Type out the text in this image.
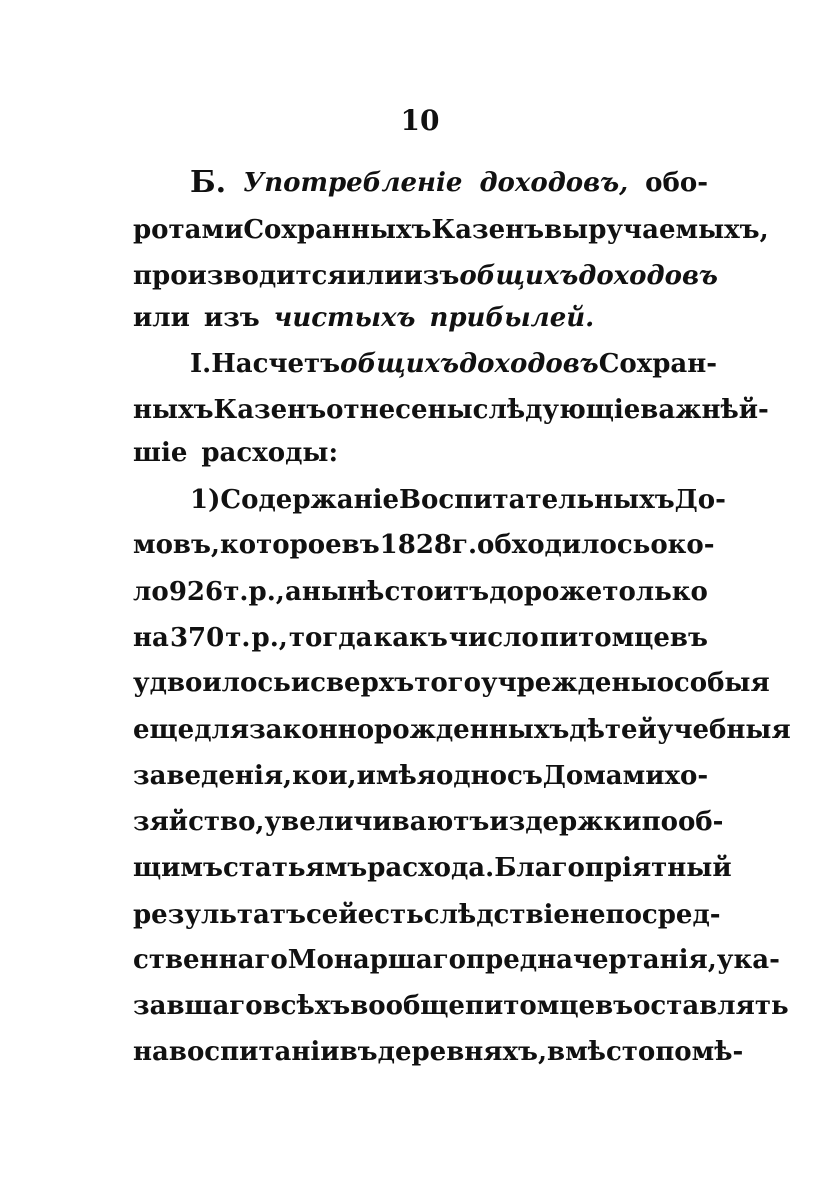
10
Б. Употребленіе доходовъ, обо-
ротами Сохранныхъ Казенъ выручаемыхъ,
производится или изъ общихъ доходовъ
или изъ чистыхъ прибылей.
I. На счетъ общихъ доходовъ Сохран-
ныхъ Казенъ отнесены слѣдующіе важнѣй-
шіе расходы:
1) Содержаніе Воспитательныхъ До-
мовъ, которое въ 1828 г. обходилось око-
ло 926 т. р., а нынѣ стоитъ дороже только
на 370 т. р., тогда какъ число питомцевъ
удвоилось и сверхъ того учреждены особыя
еще для законнорожденныхъ дѣтей учебныя
заведенія , кои , имѣя одно съ Домами хо-
зяйство, увеличиваютъ издержки по об-
щимъ статьямъ расхода. Благопріятный
результатъ сей есть слѣдствіе непосред-
ственнаго Монаршаго предначертанія, ука-
завшаго всѣхъ вообще питомцевъ оставлять
на воспитаніи въ деревняхъ, вмѣсто помѣ-
